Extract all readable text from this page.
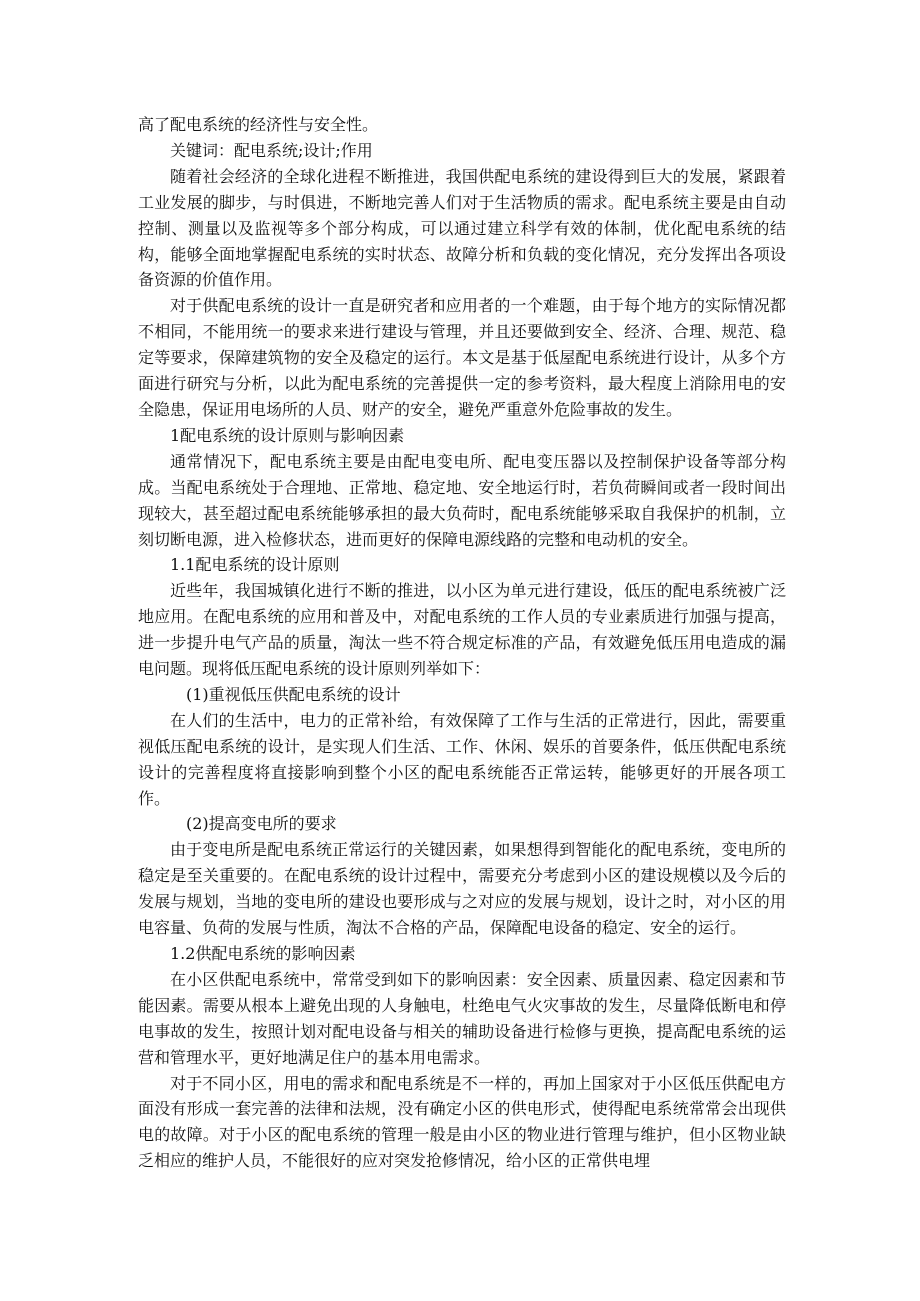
高了配电系统的经济性与安全性。

关键词：配电系统;设计;作用

随着社会经济的全球化进程不断推进，我国供配电系统的建设得到巨大的发展，紧跟着工业发展的脚步，与时俱进，不断地完善人们对于生活物质的需求。配电系统主要是由自动控制、测量以及监视等多个部分构成，可以通过建立科学有效的体制，优化配电系统的结构，能够全面地掌握配电系统的实时状态、故障分析和负载的变化情况，充分发挥出各项设备资源的价值作用。

对于供配电系统的设计一直是研究者和应用者的一个难题，由于每个地方的实际情况都不相同，不能用统一的要求来进行建设与管理，并且还要做到安全、经济、合理、规范、稳定等要求，保障建筑物的安全及稳定的运行。本文是基于低屋配电系统进行设计，从多个方面进行研究与分析，以此为配电系统的完善提供一定的参考资料，最大程度上消除用电的安全隐患，保证用电场所的人员、财产的安全，避免严重意外危险事故的发生。

1配电系统的设计原则与影响因素

通常情况下，配电系统主要是由配电变电所、配电变压器以及控制保护设备等部分构成。当配电系统处于合理地、正常地、稳定地、安全地运行时，若负荷瞬间或者一段时间出现较大，甚至超过配电系统能够承担的最大负荷时，配电系统能够采取自我保护的机制，立刻切断电源，进入检修状态，进而更好的保障电源线路的完整和电动机的安全。

1.1配电系统的设计原则

近些年，我国城镇化进行不断的推进，以小区为单元进行建设，低压的配电系统被广泛地应用。在配电系统的应用和普及中，对配电系统的工作人员的专业素质进行加强与提高，进一步提升电气产品的质量，淘汰一些不符合规定标准的产品，有效避免低压用电造成的漏电问题。现将低压配电系统的设计原则列举如下：

(1)重视低压供配电系统的设计

在人们的生活中，电力的正常补给，有效保障了工作与生活的正常进行，因此，需要重视低压配电系统的设计，是实现人们生活、工作、休闲、娱乐的首要条件，低压供配电系统设计的完善程度将直接影响到整个小区的配电系统能否正常运转，能够更好的开展各项工作。

(2)提高变电所的要求

由于变电所是配电系统正常运行的关键因素，如果想得到智能化的配电系统，变电所的稳定是至关重要的。在配电系统的设计过程中，需要充分考虑到小区的建设规模以及今后的发展与规划，当地的变电所的建设也要形成与之对应的发展与规划，设计之时，对小区的用电容量、负荷的发展与性质，淘汰不合格的产品，保障配电设备的稳定、安全的运行。

1.2供配电系统的影响因素

在小区供配电系统中，常常受到如下的影响因素：安全因素、质量因素、稳定因素和节能因素。需要从根本上避免出现的人身触电，杜绝电气火灾事故的发生，尽量降低断电和停电事故的发生，按照计划对配电设备与相关的辅助设备进行检修与更换，提高配电系统的运营和管理水平，更好地满足住户的基本用电需求。

对于不同小区，用电的需求和配电系统是不一样的，再加上国家对于小区低压供配电方面没有形成一套完善的法律和法规，没有确定小区的供电形式，使得配电系统常常会出现供电的故障。对于小区的配电系统的管理一般是由小区的物业进行管理与维护，但小区物业缺乏相应的维护人员，不能很好的应对突发抢修情况，给小区的正常供电埋
